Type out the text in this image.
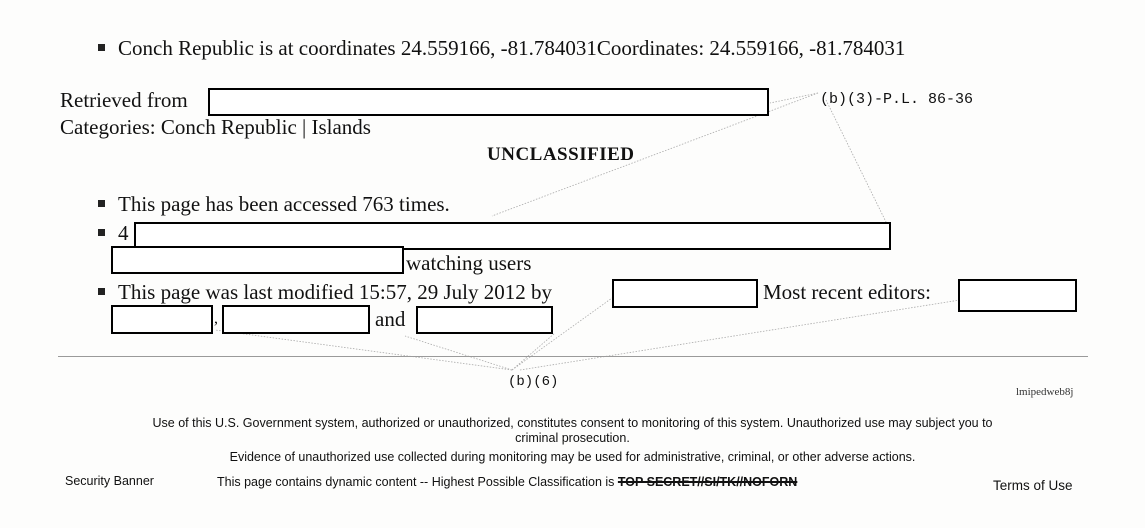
Conch Republic is at coordinates 24.559166, -81.784031Coordinates: 24.559166, -81.784031
Retrieved from	(b)(3)-P.L. 86-36
Categories: Conch Republic | Islands
UNCLASSIFIED
This page has been accessed 763 times.
4
watching users
This page was last modified 15:57, 29 July 2012 by	Most recent editors:
,	and
(b)(6)
lmipedweb8j
Use of this U.S. Government system, authorized or unauthorized, constitutes consent to monitoring of this system. Unauthorized use may subject you to
criminal prosecution.
Evidence of unauthorized use collected during monitoring may be used for administrative, criminal, or other adverse actions.
Security Banner	This page contains dynamic content -- Highest Possible Classification is TOP SECRET//SI/TK//NOFORN	Terms of Use
